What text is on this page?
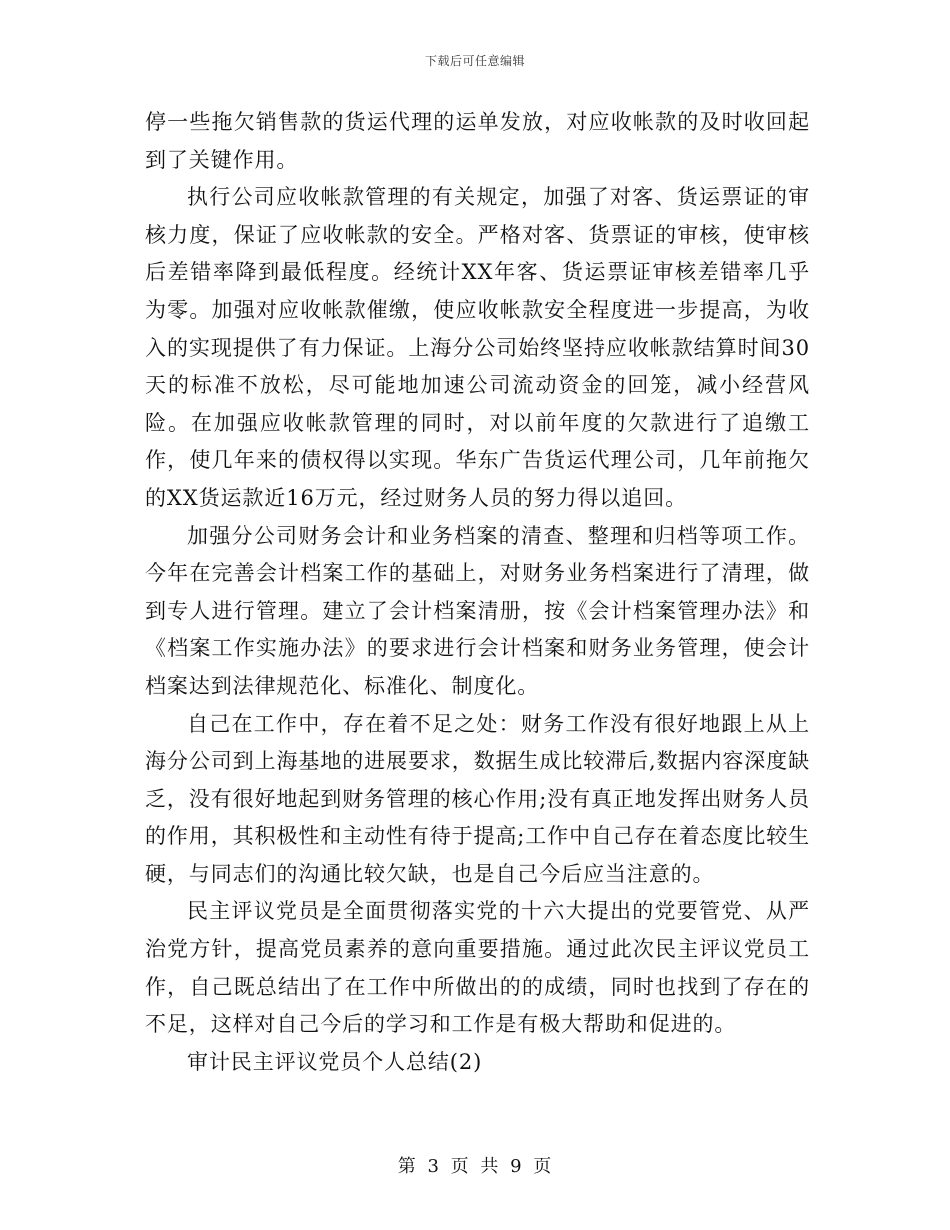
下载后可任意编辑

停一些拖欠销售款的货运代理的运单发放，对应收帐款的及时收回起到了关键作用。

执行公司应收帐款管理的有关规定，加强了对客、货运票证的审核力度，保证了应收帐款的安全。严格对客、货票证的审核，使审核后差错率降到最低程度。经统计XX年客、货运票证审核差错率几乎为零。加强对应收帐款催缴，使应收帐款安全程度进一步提高，为收入的实现提供了有力保证。上海分公司始终坚持应收帐款结算时间30天的标准不放松，尽可能地加速公司流动资金的回笼，减小经营风险。在加强应收帐款管理的同时，对以前年度的欠款进行了追缴工作，使几年来的债权得以实现。华东广告货运代理公司，几年前拖欠的XX货运款近16万元，经过财务人员的努力得以追回。

加强分公司财务会计和业务档案的清查、整理和归档等项工作。今年在完善会计档案工作的基础上，对财务业务档案进行了清理，做到专人进行管理。建立了会计档案清册，按《会计档案管理办法》和《档案工作实施办法》的要求进行会计档案和财务业务管理，使会计档案达到法律规范化、标准化、制度化。

自己在工作中，存在着不足之处：财务工作没有很好地跟上从上海分公司到上海基地的进展要求，数据生成比较滞后,数据内容深度缺乏，没有很好地起到财务管理的核心作用;没有真正地发挥出财务人员的作用，其积极性和主动性有待于提高;工作中自己存在着态度比较生硬，与同志们的沟通比较欠缺，也是自己今后应当注意的。

民主评议党员是全面贯彻落实党的十六大提出的党要管党、从严治党方针，提高党员素养的意向重要措施。通过此次民主评议党员工作，自己既总结出了在工作中所做出的的成绩，同时也找到了存在的不足，这样对自己今后的学习和工作是有极大帮助和促进的。

审计民主评议党员个人总结(2)

第 3 页 共 9 页
